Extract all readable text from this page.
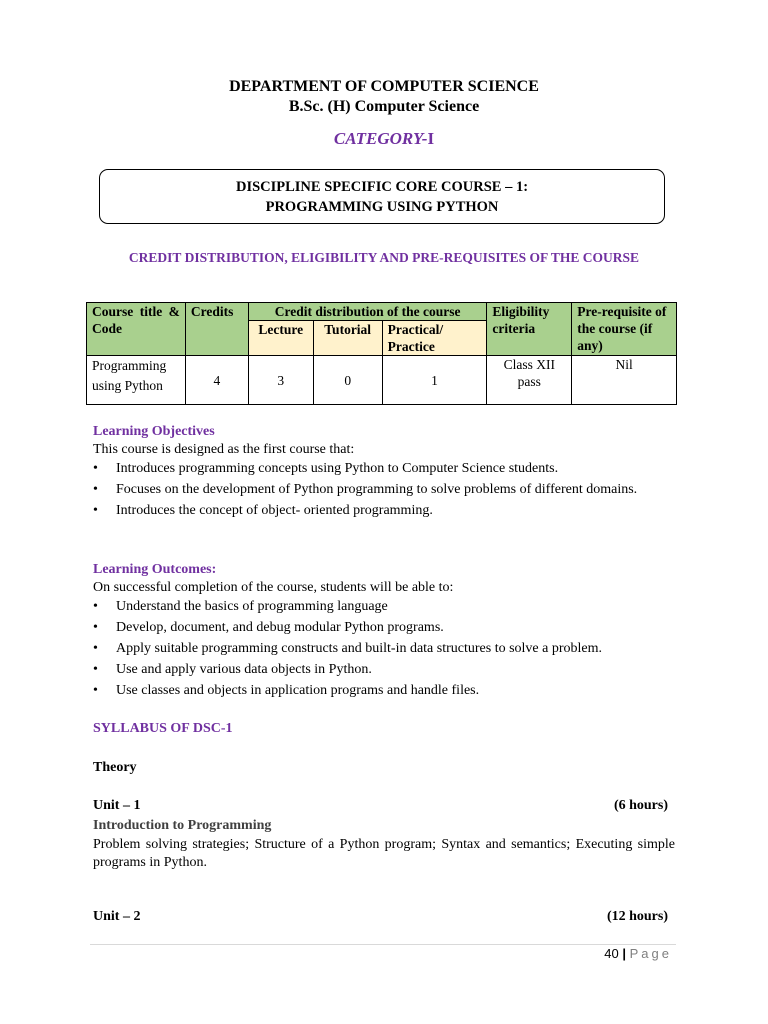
DEPARTMENT OF COMPUTER SCIENCE
B.Sc. (H) Computer Science
CATEGORY-I
DISCIPLINE SPECIFIC CORE COURSE – 1:
PROGRAMMING USING PYTHON
CREDIT DISTRIBUTION, ELIGIBILITY AND PRE-REQUISITES OF THE COURSE
Course title & Code	Credits	Credit distribution of the course			Eligibility criteria	Pre-requisite of the course (if any)
		Lecture	Tutorial	Practical/ Practice		

Programming
using Python	4	3	0	1	Class XII pass	Nil
Learning Objectives
This course is designed as the first course that:
• Introduces programming concepts using Python to Computer Science students.
• Focuses on the development of Python programming to solve problems of different domains.
• Introduces the concept of object- oriented programming.
Learning Outcomes:
On successful completion of the course, students will be able to:
• Understand the basics of programming language
• Develop, document, and debug modular Python programs.
• Apply suitable programming constructs and built-in data structures to solve a problem.
• Use and apply various data objects in Python.
• Use classes and objects in application programs and handle files.
SYLLABUS OF DSC-1
Theory
Unit – 1	(6 hours)
Introduction to Programming
Problem solving strategies; Structure of a Python program; Syntax and semantics; Executing simple programs in Python.
Unit – 2	(12 hours)
40 | Page
